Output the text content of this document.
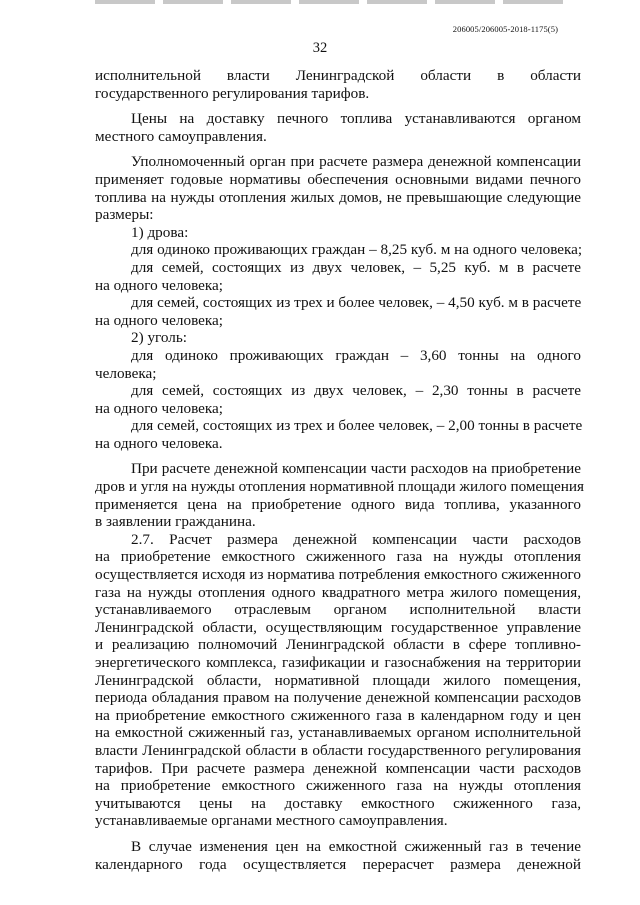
206005/206005-2018-1175(5)
32
исполнительной власти Ленинградской области в области
государственного регулирования тарифов.
Цены на доставку печного топлива устанавливаются органом
местного самоуправления.
Уполномоченный орган при расчете размера денежной компенсации
применяет годовые нормативы обеспечения основными видами печного
топлива на нужды отопления жилых домов, не превышающие следующие
размеры:
1) дрова:
для одиноко проживающих граждан – 8,25 куб. м на одного человека;
для семей, состоящих из двух человек, – 5,25 куб. м в расчете
на одного человека;
для семей, состоящих из трех и более человек, – 4,50 куб. м в расчете
на одного человека;
2) уголь:
для одиноко проживающих граждан – 3,60 тонны на одного
человека;
для семей, состоящих из двух человек, – 2,30 тонны в расчете
на одного человека;
для семей, состоящих из трех и более человек, – 2,00 тонны в расчете
на одного человека.
При расчете денежной компенсации части расходов на приобретение
дров и угля на нужды отопления нормативной площади жилого помещения
применяется цена на приобретение одного вида топлива, указанного
в заявлении гражданина.
2.7. Расчет размера денежной компенсации части расходов
на приобретение емкостного сжиженного газа на нужды отопления
осуществляется исходя из норматива потребления емкостного сжиженного
газа на нужды отопления одного квадратного метра жилого помещения,
устанавливаемого отраслевым органом исполнительной власти
Ленинградской области, осуществляющим государственное управление
и реализацию полномочий Ленинградской области в сфере топливно-
энергетического комплекса, газификации и газоснабжения на территории
Ленинградской области, нормативной площади жилого помещения,
периода обладания правом на получение денежной компенсации расходов
на приобретение емкостного сжиженного газа в календарном году и цен
на емкостной сжиженный газ, устанавливаемых органом исполнительной
власти Ленинградской области в области государственного регулирования
тарифов. При расчете размера денежной компенсации части расходов
на приобретение емкостного сжиженного газа на нужды отопления
учитываются цены на доставку емкостного сжиженного газа,
устанавливаемые органами местного самоуправления.
В случае изменения цен на емкостной сжиженный газ в течение
календарного года осуществляется перерасчет размера денежной
